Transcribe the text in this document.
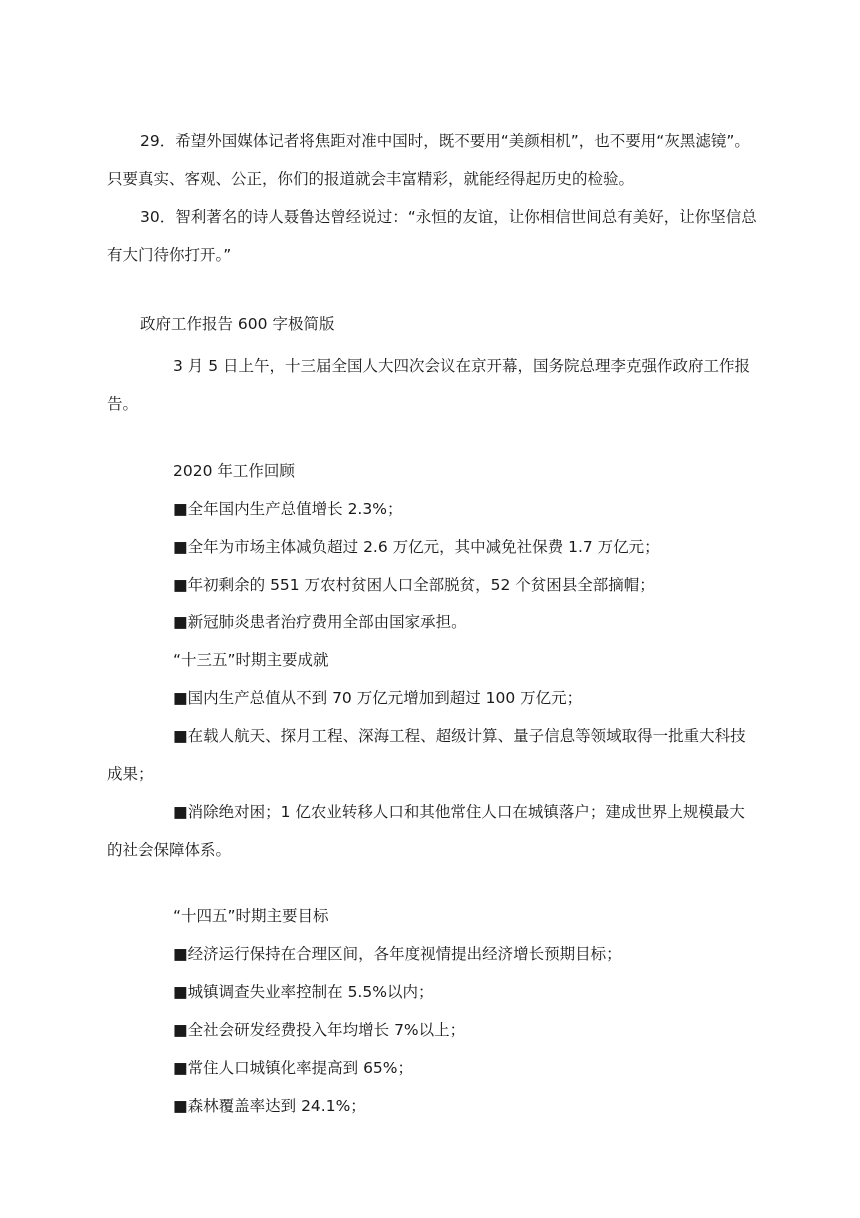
29．希望外国媒体记者将焦距对准中国时，既不要用“美颜相机”，也不要用“灰黑滤镜”。只要真实、客观、公正，你们的报道就会丰富精彩，就能经得起历史的检验。
30．智利著名的诗人聂鲁达曾经说过：“永恒的友谊，让你相信世间总有美好，让你坚信总有大门待你打开。”
政府工作报告 600 字极简版
3 月 5 日上午，十三届全国人大四次会议在京开幕，国务院总理李克强作政府工作报告。
2020 年工作回顾
■全年国内生产总值增长 2.3%；
■全年为市场主体减负超过 2.6 万亿元，其中减免社保费 1.7 万亿元；
■年初剩余的 551 万农村贫困人口全部脱贫，52 个贫困县全部摘帽；
■新冠肺炎患者治疗费用全部由国家承担。
“十三五”时期主要成就
■国内生产总值从不到 70 万亿元增加到超过 100 万亿元；
■在载人航天、探月工程、深海工程、超级计算、量子信息等领域取得一批重大科技成果；
■消除绝对困；1 亿农业转移人口和其他常住人口在城镇落户；建成世界上规模最大的社会保障体系。
“十四五”时期主要目标
■经济运行保持在合理区间，各年度视情提出经济增长预期目标；
■城镇调查失业率控制在 5.5%以内；
■全社会研发经费投入年均增长 7%以上；
■常住人口城镇化率提高到 65%；
■森林覆盖率达到 24.1%；
